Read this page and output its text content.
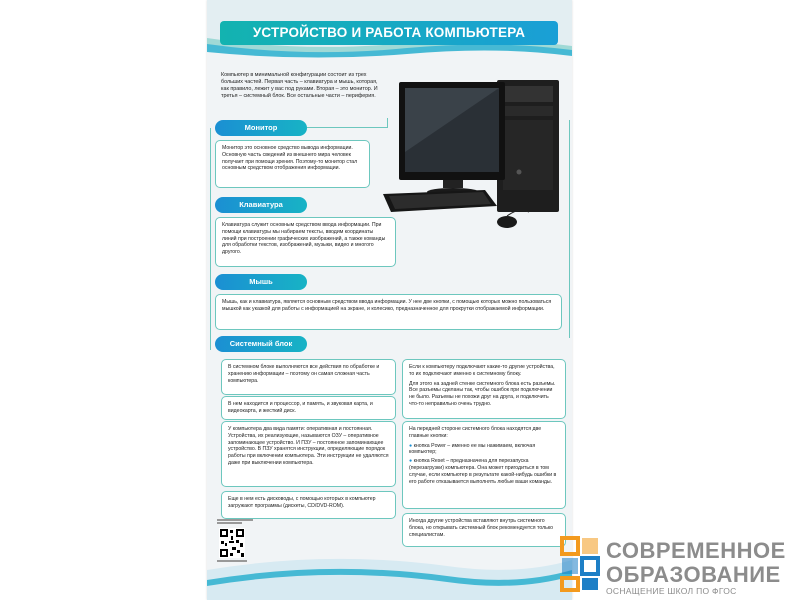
УСТРОЙСТВО И РАБОТА КОМПЬЮТЕРА
Компьютер в минимальной конфигурации состоит из трех больших частей. Первая часть – клавиатура и мышь, которая, как правило, лежит у вас под руками. Вторая – это монитор. И третья – системный блок. Все остальные части – периферия.
Монитор
Монитор это основное средство вывода информации. Основную часть сведений из внешнего мира человек получает при помощи зрения. Поэтому-то монитор стал основным средством отображения информации.
Клавиатура
Клавиатура служит основным средством ввода информации. При помощи клавиатуры мы набираем тексты, вводим координаты линий при построении графических изображений, а также команды для обработки текстов, изображений, музыки, видео и многого другого.
Мышь
Мышь, как и клавиатура, является основным средством ввода информации. У нее две кнопки, с помощью которых можно пользоваться мышкой как указкой для работы с информацией на экране, и колесико, предназначенное для прокрутки отображаемой информации.
Системный блок
В системном блоке выполняются все действия по обработке и хранению информации – поэтому он самая сложная часть компьютера.
В нем находится и процессор, и память, и звуковая карта, и видеокарта, и жесткий диск.
У компьютера два вида памяти: оперативная и постоянная. Устройства, их реализующие, называются ОЗУ – оперативное запоминающее устройство. И ПЗУ – постоянное запоминающее устройство. В ПЗУ хранятся инструкции, определяющие порядок работы при включении компьютера. Эти инструкции не удаляются даже при выключении компьютера.
Еще в нем есть дисководы, с помощью которых в компьютер загружают программы (дискеты, CD/DVD-ROM).
Если к компьютеру подключают какие-то другие устройства, то их подключают именно к системному блоку.
Для этого на задней стенке системного блока есть разъемы. Все разъемы сделаны так, чтобы ошибок при подключении не было. Разъемы не похожи друг на друга, и подключить что-то неправильно очень трудно.
На передней стороне системного блока находятся две главные кнопки:
● кнопка Power – именно ее мы нажимаем, включая компьютер;
● кнопка Reset – предназначена для перезапуска (перезагрузки) компьютера. Она может пригодиться в том случае, если компьютер в результате какой-нибудь ошибки в его работе отказывается выполнять любые ваши команды.
Иногда другие устройства вставляют внутрь системного блока, но открывать системный блок рекомендуется только специалистам.
СОВРЕМЕННОЕ
ОБРАЗОВАНИЕ
ОСНАЩЕНИЕ ШКОЛ ПО ФГОС
